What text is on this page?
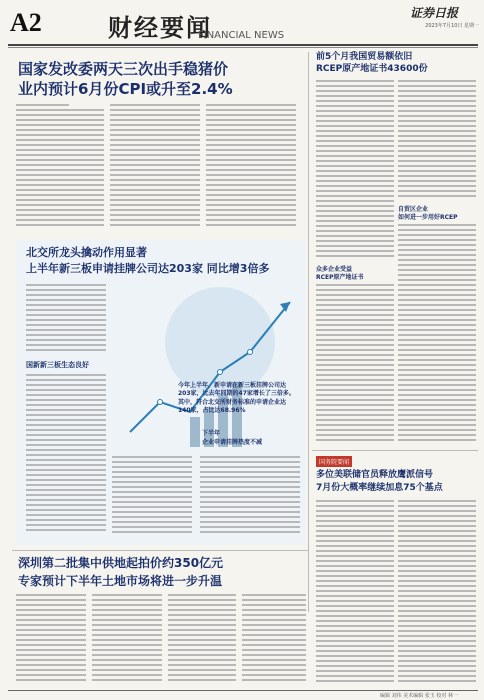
A2	财经要闻
FINANCIAL NEWS
证券日报
2023年7月10日 星期一
国家发改委两天三次出手稳猪价
业内预计6月份CPI或升至2.4%
北交所龙头擒动作用显著
上半年新三板申请挂牌公司达203家 同比增3倍多
今年上半年，新申请在新三板挂牌公司达203家，比去年同期的47家增长了三倍多。其中，符合北交所财务标准的申请企业达140家，占比达68.96%
国新新三板生态良好
下半年
企业申请挂牌热度不减
前5个月我国贸易额依旧
RCEP原产地证书43600份
自贸区企业
如何进一步用好RCEP
众多企业受益
RCEP原产地证书
国务院要闻
多位美联储官员释放鹰派信号
7月份大概率继续加息75个基点
深圳第二批集中供地起拍价约350亿元
专家预计下半年土地市场将进一步升温
编辑 刘伟 美术编辑 张玉 校对 林一
